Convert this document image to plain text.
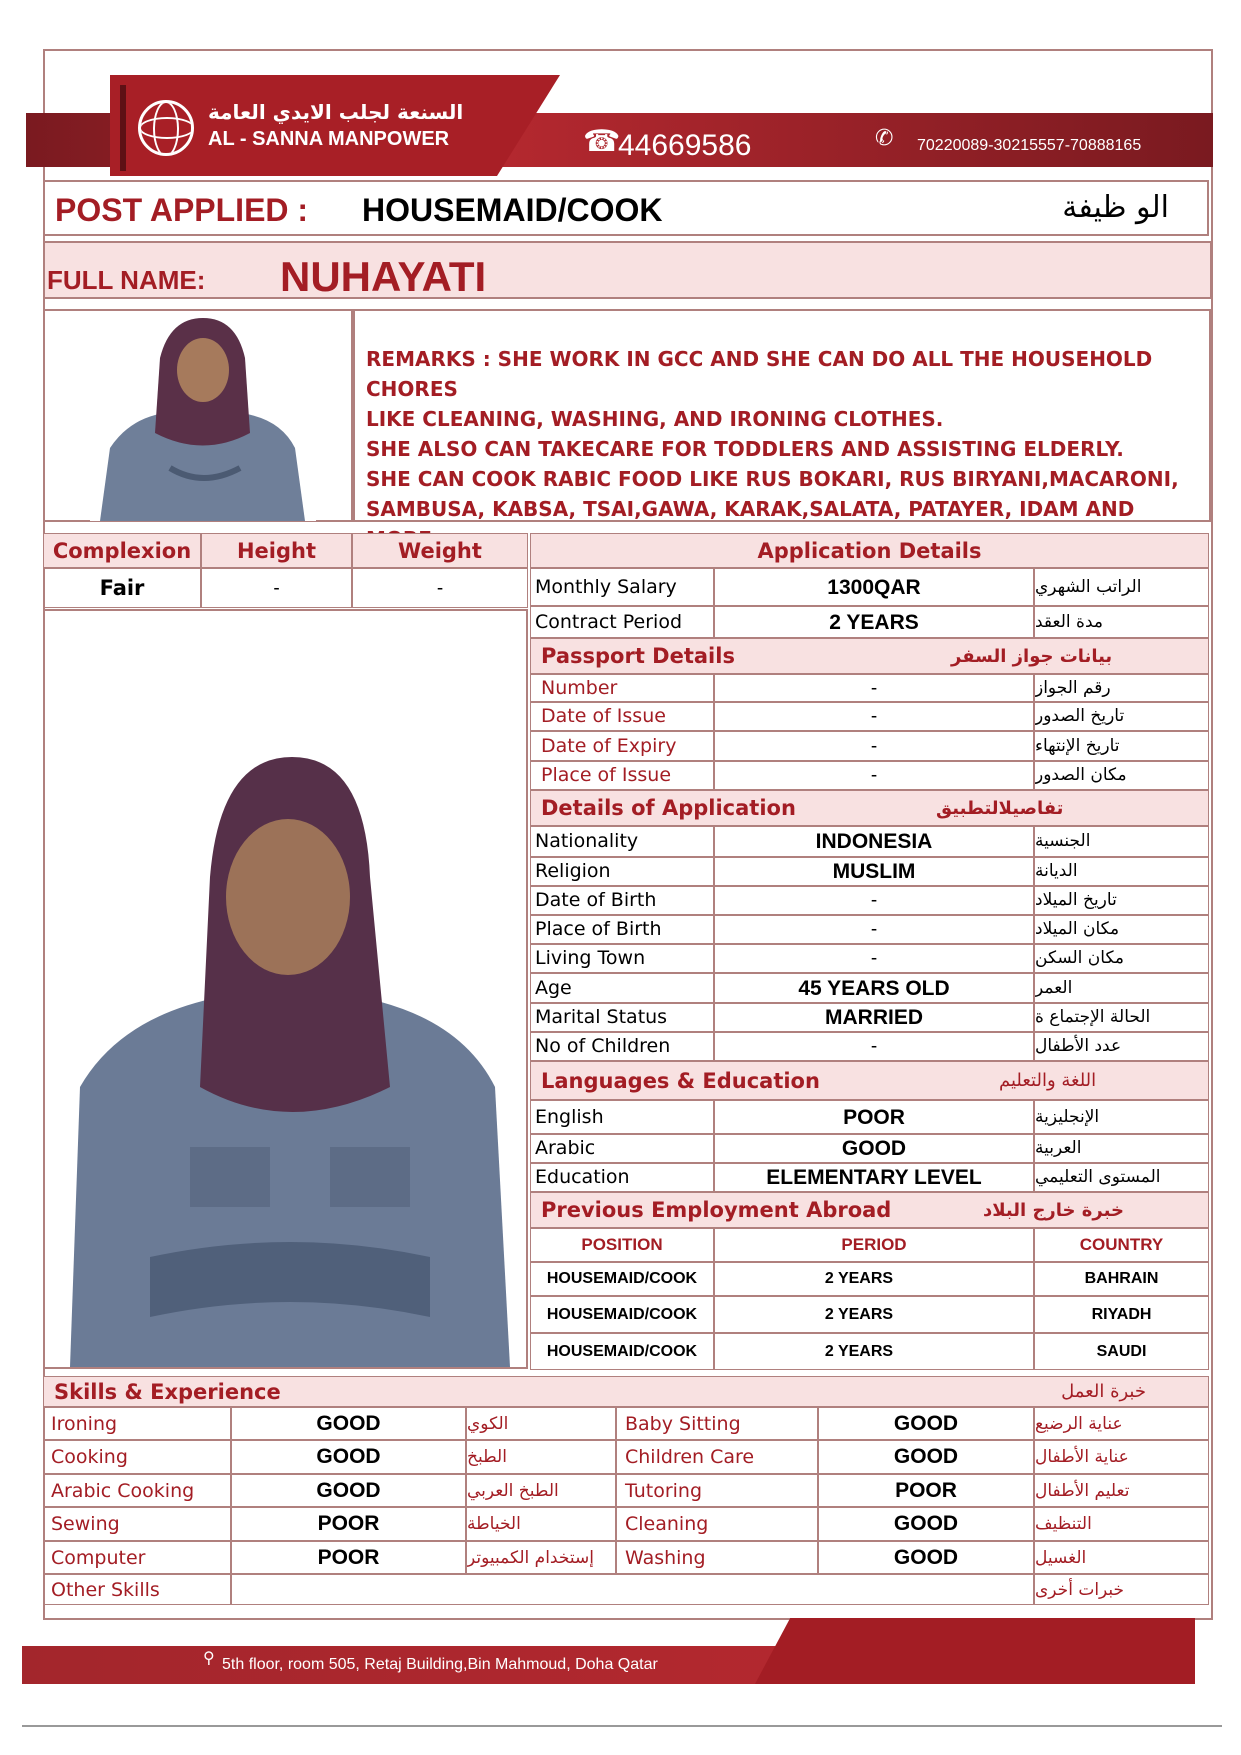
السنعة لجلب الايدي العامة
AL - SANNA MANPOWER	☎
44669586	✆ 70220089-30215557-70888165
POST APPLIED : HOUSEMAID/COOK	الو ظيفة
FULL NAME: NUHAYATI
REMARKS : SHE WORK IN GCC AND SHE CAN DO ALL THE HOUSEHOLD CHORES
LIKE CLEANING, WASHING, AND IRONING CLOTHES.
SHE ALSO CAN TAKECARE FOR TODDLERS AND ASSISTING ELDERLY.
SHE CAN COOK RABIC FOOD LIKE RUS BOKARI, RUS BIRYANI,MACARONI,
SAMBUSA, KABSA, TSAI,GAWA, KARAK,SALATA, PATAYER, IDAM AND
Complexion	Height	Weight
Fair	-	-
Application Details
Monthly Salary	1300QAR	الراتب الشهري
Contract Period	2 YEARS	مدة العقد
Passport Details	بيانات جواز السفر
Number	-	رقم الجواز
Date of Issue	-	تاريخ الصدور
Date of Expiry	-	تاريخ الإنتهاء
Place of Issue	-	مكان الصدور
Details of Application	تفاصيلالتطبيق
Nationality	INDONESIA	الجنسية
Religion	MUSLIM	الديانة
Date of Birth	-	تاريخ الميلاد
Place of Birth	-	مكان الميلاد
Living Town	-	مكان السكن
Age	45 YEARS OLD	العمر
Marital Status	MARRIED	الحالة الإجتماع ة
No of Children	-	عدد الأطفال
Languages & Education	اللغة والتعليم
English	POOR	الإنجليزية
Arabic	GOOD	العربية
Education	ELEMENTARY LEVEL	المستوى التعليمي
Previous Employment Abroad	خبرة خارج البلاد
POSITION	PERIOD	COUNTRY
HOUSEMAID/COOK	2 YEARS	BAHRAIN
HOUSEMAID/COOK	2 YEARS	RIYADH
HOUSEMAID/COOK	2 YEARS	SAUDI
Skills & Experience	خبرة العمل
Ironing	GOOD	الكوي	Baby Sitting	GOOD	عناية الرضيع
Cooking	GOOD	الطبخ	Children Care	GOOD	عناية الأطفال
Arabic Cooking	GOOD	الطبخ العربي	Tutoring	POOR	تعليم الأطفال
Sewing	POOR	الخياطة	Cleaning	GOOD	التنظيف
Computer	POOR	إستخدام الكمبيوتر	Washing	GOOD	الغسيل
Other Skills	خبرات أخرى
⚲ 5th floor, room 505, Retaj Building,Bin Mahmoud, Doha Qatar
